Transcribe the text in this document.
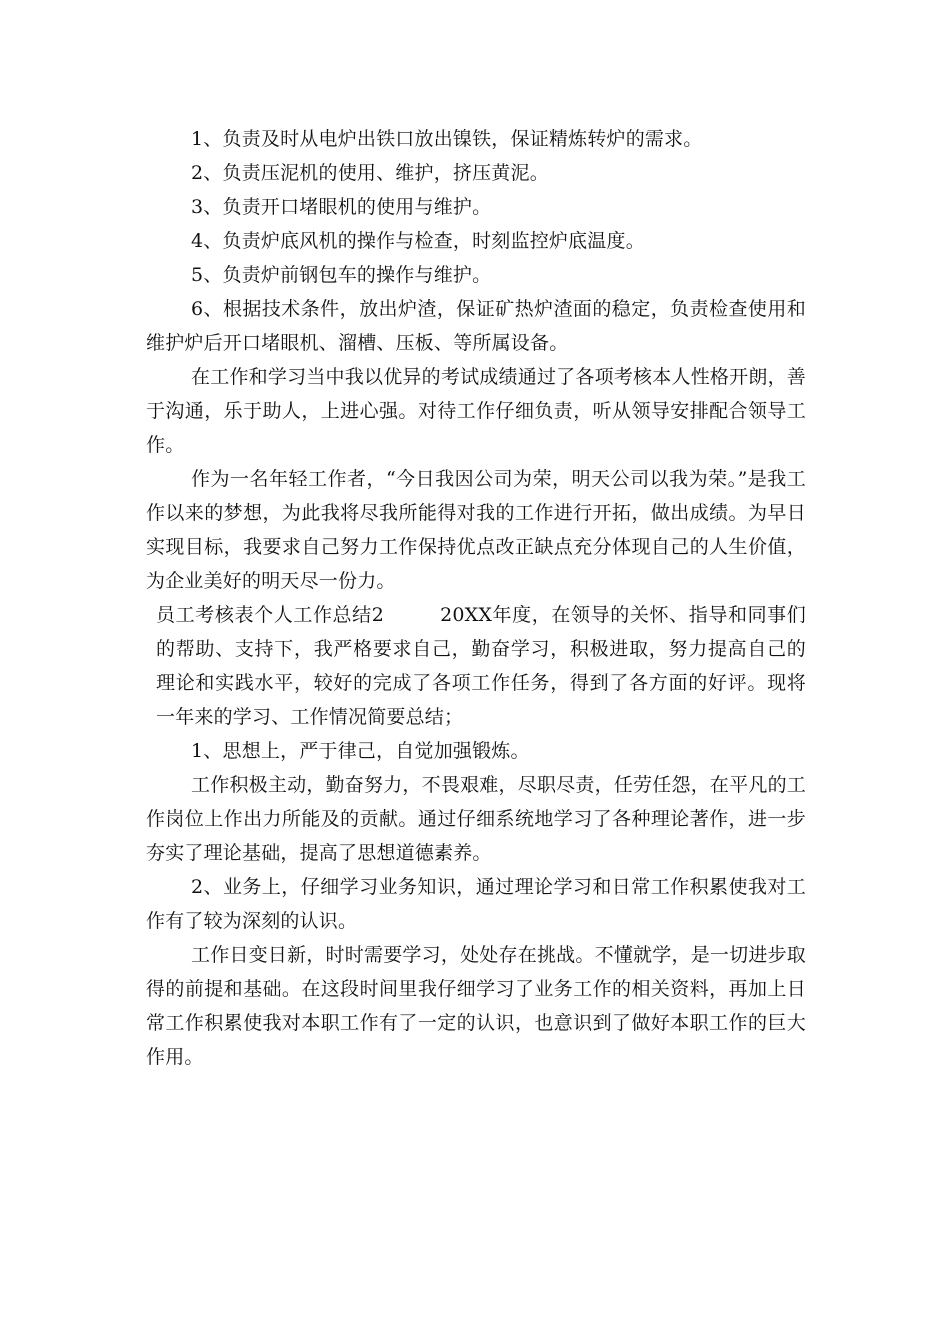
1、负责及时从电炉出铁口放出镍铁，保证精炼转炉的需求。

2、负责压泥机的使用、维护，挤压黄泥。

3、负责开口堵眼机的使用与维护。

4、负责炉底风机的操作与检查，时刻监控炉底温度。

5、负责炉前钢包车的操作与维护。

6、根据技术条件，放出炉渣，保证矿热炉渣面的稳定，负责检查使用和维护炉后开口堵眼机、溜槽、压板、等所属设备。

在工作和学习当中我以优异的考试成绩通过了各项考核本人性格开朗，善于沟通，乐于助人，上进心强。对待工作仔细负责，听从领导安排配合领导工作。

作为一名年轻工作者，“今日我因公司为荣，明天公司以我为荣。”是我工作以来的梦想，为此我将尽我所能得对我的工作进行开拓，做出成绩。为早日实现目标，我要求自己努力工作保持优点改正缺点充分体现自己的人生价值，为企业美好的明天尽一份力。

员工考核表个人工作总结2	20XX年度，在领导的关怀、指导和同事们的帮助、支持下，我严格要求自己，勤奋学习，积极进取，努力提高自己的理论和实践水平，较好的完成了各项工作任务，得到了各方面的好评。现将一年来的学习、工作情况简要总结；

1、思想上，严于律己，自觉加强锻炼。

工作积极主动，勤奋努力，不畏艰难，尽职尽责，任劳任怨，在平凡的工作岗位上作出力所能及的贡献。通过仔细系统地学习了各种理论著作，进一步夯实了理论基础，提高了思想道德素养。

2、业务上，仔细学习业务知识，通过理论学习和日常工作积累使我对工作有了较为深刻的认识。

工作日变日新，时时需要学习，处处存在挑战。不懂就学，是一切进步取得的前提和基础。在这段时间里我仔细学习了业务工作的相关资料，再加上日常工作积累使我对本职工作有了一定的认识，也意识到了做好本职工作的巨大作用。
